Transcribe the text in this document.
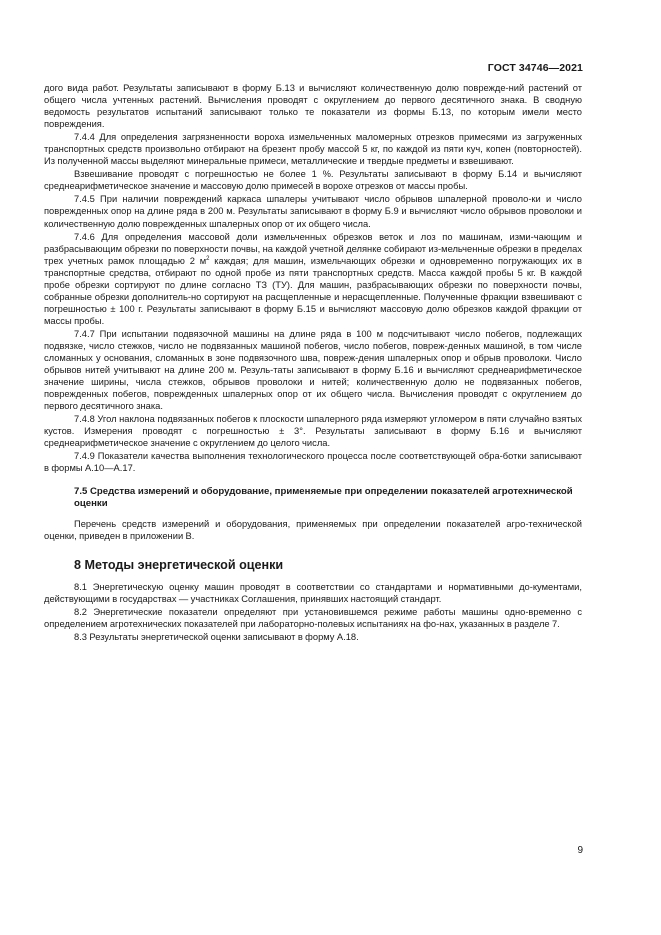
ГОСТ 34746—2021

дого вида работ. Результаты записывают в форму Б.13 и вычисляют количественную долю поврежде-ний растений от общего числа учтенных растений. Вычисления проводят с округлением до первого десятичного знака. В сводную ведомость результатов испытаний записывают только те показатели из формы Б.13, по которым имели место повреждения.

7.4.4 Для определения загрязненности вороха измельченных маломерных отрезков примесями из загруженных транспортных средств произвольно отбирают на брезент пробу массой 5 кг, по каждой из пяти куч, копен (повторностей). Из полученной массы выделяют минеральные примеси, металлические и твердые предметы и взвешивают.

Взвешивание проводят с погрешностью не более 1 %. Результаты записывают в форму Б.14 и вычисляют среднеарифметическое значение и массовую долю примесей в ворохе отрезков от массы пробы.

7.4.5 При наличии повреждений каркаса шпалеры учитывают число обрывов шпалерной проволо-ки и число поврежденных опор на длине ряда в 200 м. Результаты записывают в форму Б.9 и вычисляют число обрывов проволоки и количественную долю поврежденных шпалерных опор от их общего числа.

7.4.6 Для определения массовой доли измельченных обрезков веток и лоз по машинам, изми-чающим и разбрасывающим обрезки по поверхности почвы, на каждой учетной делянке собирают из-мельченные обрезки в пределах трех учетных рамок площадью 2 $м^2$ каждая; для машин, измельчающих обрезки и одновременно погружающих их в транспортные средства, отбирают по одной пробе из пяти транспортных средств. Масса каждой пробы 5 кг. В каждой пробе обрезки сортируют по длине согласно ТЗ (ТУ). Для машин, разбрасывающих обрезки по поверхности почвы, собранные обрезки дополнитель-но сортируют на расщепленные и нерасщепленные. Полученные фракции взвешивают с погрешностью ± 100 г. Результаты записывают в форму Б.15 и вычисляют массовую долю обрезков каждой фракции от массы пробы.

7.4.7 При испытании подвязочной машины на длине ряда в 100 м подсчитывают число побегов, подлежащих подвязке, число стежков, число не подвязанных машиной побегов, число побегов, повреж-денных машиной, в том числе сломанных у основания, сломанных в зоне подвязочного шва, повреж-дения шпалерных опор и обрыв проволоки. Число обрывов нитей учитывают на длине 200 м. Резуль-таты записывают в форму Б.16 и вычисляют среднеарифметическое значение ширины, числа стежков, обрывов проволоки и нитей; количественную долю не подвязанных побегов, поврежденных побегов, поврежденных шпалерных опор от их общего числа. Вычисления проводят с округлением до первого десятичного знака.

7.4.8 Угол наклона подвязанных побегов к плоскости шпалерного ряда измеряют угломером в пяти случайно взятых кустов. Измерения проводят с погрешностью ± 3°. Результаты записывают в форму Б.16 и вычисляют среднеарифметическое значение с округлением до целого числа.

7.4.9 Показатели качества выполнения технологического процесса после соответствующей обра-ботки записывают в формы А.10—А.17.

7.5 Средства измерений и оборудование, применяемые при определении показателей агротехнической оценки

Перечень средств измерений и оборудования, применяемых при определении показателей агро-технической оценки, приведен в приложении В.

8 Методы энергетической оценки

8.1 Энергетическую оценку машин проводят в соответствии со стандартами и нормативными до-кументами, действующими в государствах — участниках Соглашения, принявших настоящий стандарт.

8.2 Энергетические показатели определяют при установившемся режиме работы машины одно-временно с определением агротехнических показателей при лабораторно-полевых испытаниях на фо-нах, указанных в разделе 7.

8.3 Результаты энергетической оценки записывают в форму А.18.

9
